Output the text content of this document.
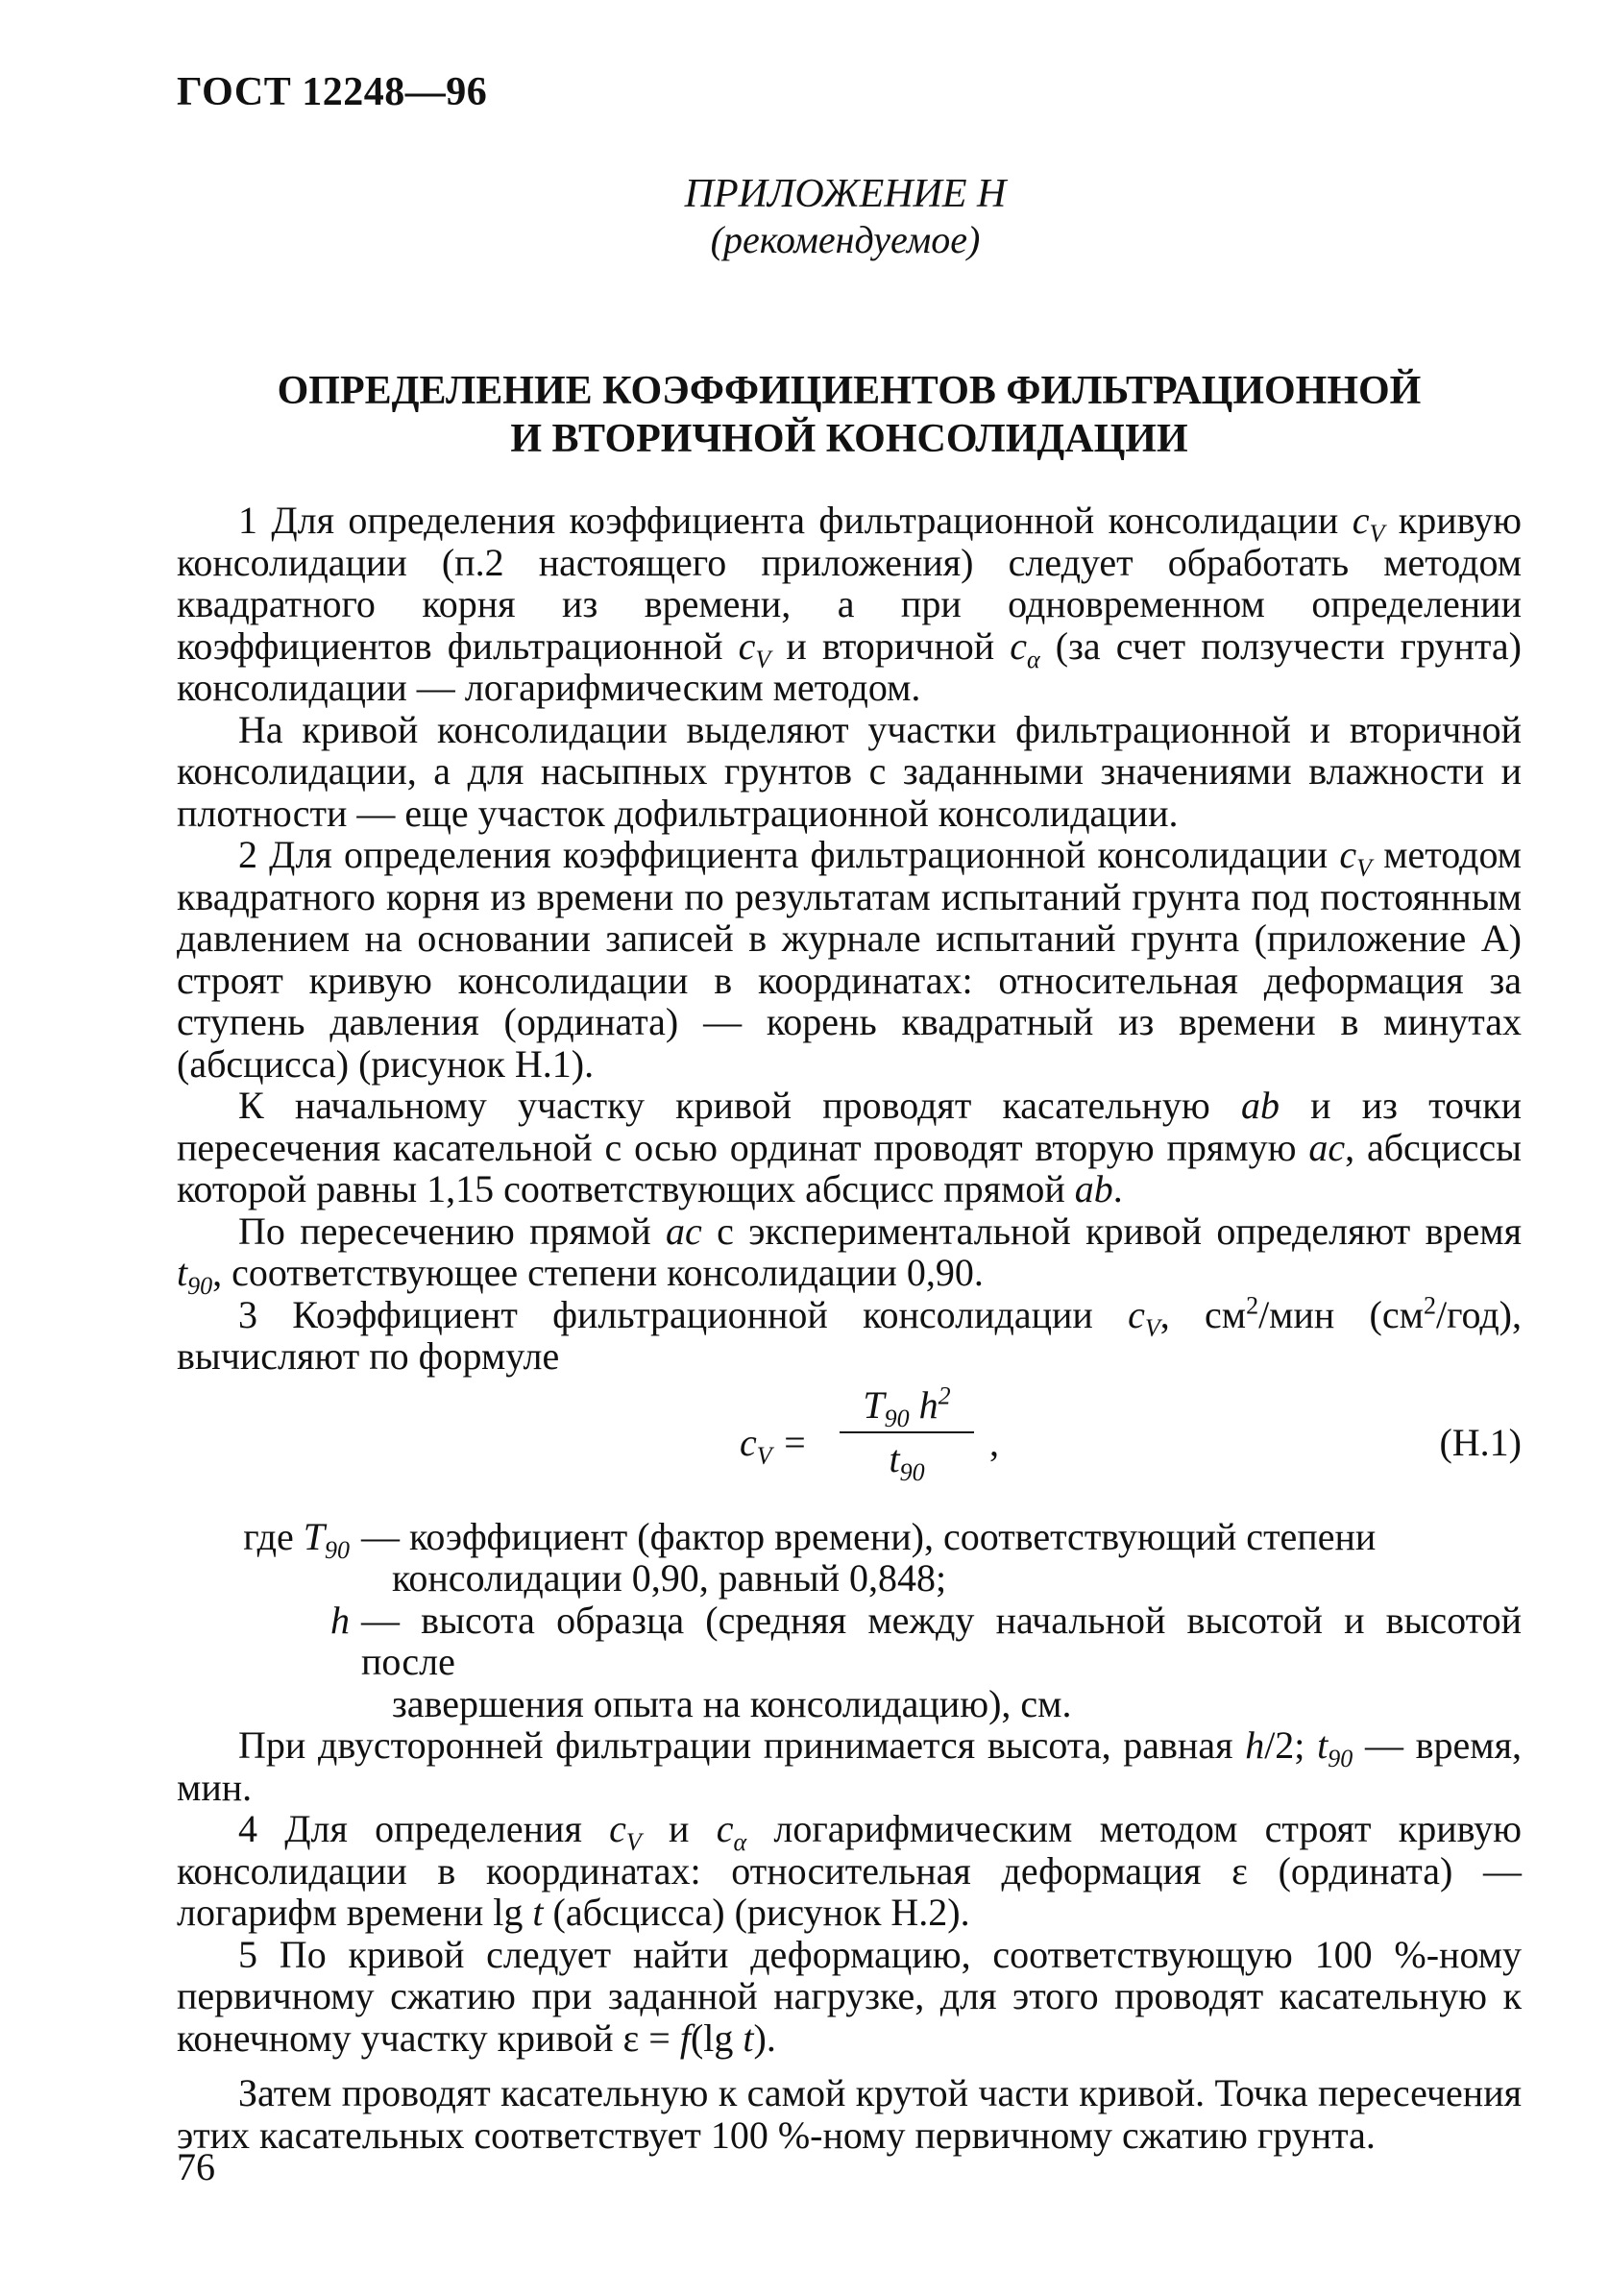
ГОСТ 12248—96
ПРИЛОЖЕНИЕ Н
(рекомендуемое)
ОПРЕДЕЛЕНИЕ КОЭФФИЦИЕНТОВ ФИЛЬТРАЦИОННОЙ
И ВТОРИЧНОЙ КОНСОЛИДАЦИИ

1 Для определения коэффициента фильтрационной консолидации $c_V$ кривую консолидации (п.2 настоящего приложения) следует обработать методом квадратного корня из времени, а при одновременном определении коэффициентов фильтрационной $c_V$ и вторичной $c_\alpha$ (за счет ползучести грунта) консолидации — логарифмическим методом.

На кривой консолидации выделяют участки фильтрационной и вторичной консолидации, а для насыпных грунтов с заданными значениями влажности и плотности — еще участок дофильтрационной консолидации.

2 Для определения коэффициента фильтрационной консолидации $c_V$ методом квадратного корня из времени по результатам испытаний грунта под постоянным давлением на основании записей в журнале испытаний грунта (приложение А) строят кривую консолидации в координатах: относительная деформация за ступень давления (ордината) — корень квадратный из времени в минутах (абсцисса) (рисунок Н.1).

К начальному участку кривой проводят касательную ab и из точки пересечения касательной с осью ординат проводят вторую прямую ac, абсциссы которой равны 1,15 соответствующих абсцисс прямой ab.

По пересечению прямой ac с экспериментальной кривой определяют время $t_{90}$, соответствующее степени консолидации 0,90.

3 Коэффициент фильтрационной консолидации $c_V$, $см^2$/мин $(см^2/год)$, вычисляют по формуле

$c_V$ =
$T_{90}$ $h^2$
$t_{90}$
,	(Н.1)
где $T_{90}$ — коэффициент (фактор времени), соответствующий степени
консолидации 0,90, равный 0,848;
h — высота образца (средняя между начальной высотой и высотой после
завершения опыта на консолидацию), см.

При двусторонней фильтрации принимается высота, равная h/2; $t_{90}$ — время, мин.

4 Для определения $c_V$ и $c_\alpha$ логарифмическим методом строят кривую консолидации в координатах: относительная деформация ε (ордината) — логарифм времени lg t (абсцисса) (рисунок Н.2).

5 По кривой следует найти деформацию, соответствующую 100 %-ному первичному сжатию при заданной нагрузке, для этого проводят касательную к конечному участку кривой ε = f(lg t).

Затем проводят касательную к самой крутой части кривой. Точка пересечения этих касательных соответствует 100 %-ному первичному сжатию грунта.

76
